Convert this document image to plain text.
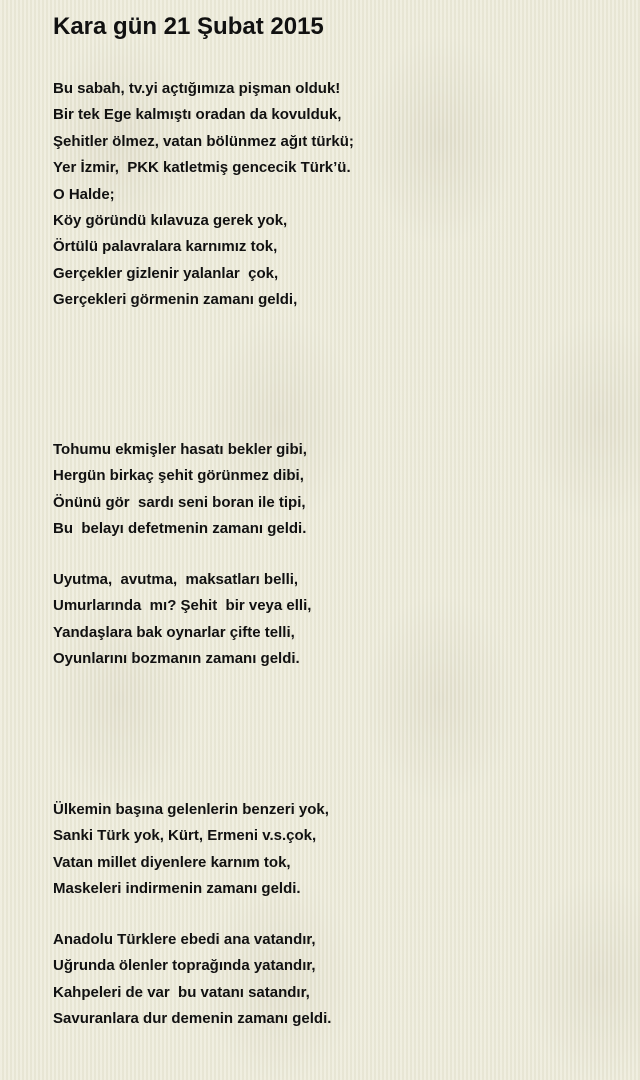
Kara gün 21 Şubat 2015
Bu sabah, tv.yi açtığımıza pişman olduk!
Bir tek Ege kalmıştı oradan da kovulduk,
Şehitler ölmez, vatan bölünmez ağıt türkü;
Yer İzmir,  PKK katletmiş gencecik Türk’ü.
O Halde;
Köy göründü kılavuza gerek yok,
Örtülü palavralara karnımız tok,
Gerçekler gizlenir yalanlar  çok,
Gerçekleri görmenin zamanı geldi,
Tohumu ekmişler hasatı bekler gibi,
Hergün birkaç şehit görünmez dibi,
Önünü gör  sardı seni boran ile tipi,
Bu  belayı defetmenin zamanı geldi.
Uyutma,  avutma,  maksatları belli,
Umurlarında  mı? Şehit  bir veya elli,
Yandaşlara bak oynarlar çifte telli,
Oyunlarını bozmanın zamanı geldi.
Ülkemin başına gelenlerin benzeri yok,
Sanki Türk yok, Kürt, Ermeni v.s.çok,
Vatan millet diyenlere karnım tok,
Maskeleri indirmenin zamanı geldi.
Anadolu Türklere ebedi ana vatandır,
Uğrunda ölenler toprağında yatandır,
Kahpeleri de var  bu vatanı satandır,
Savuranlara dur demenin zamanı geldi.
